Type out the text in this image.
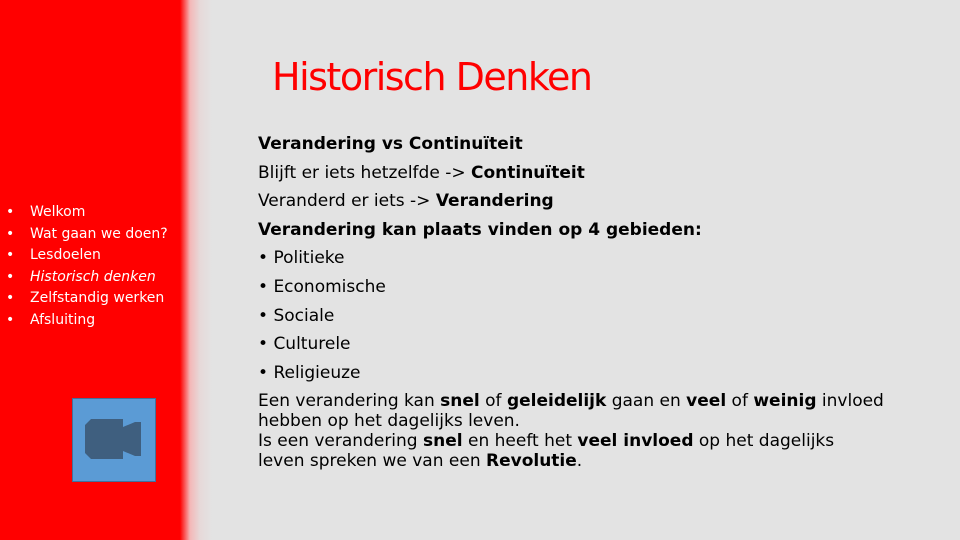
• Welkom
• Wat gaan we doen?
• Lesdoelen
• Historisch denken
• Zelfstandig werken
• Afsluiting
Historisch Denken
Verandering vs Continuïteit
Blijft er iets hetzelfde -> Continuïteit
Veranderd er iets -> Verandering
Verandering kan plaats vinden op 4 gebieden:
• Politieke
• Economische
• Sociale
• Culturele
• Religieuze
Een verandering kan snel of geleidelijk gaan en veel of weinig invloed
hebben op het dagelijks leven.
Is een verandering snel en heeft het veel invloed op het dagelijks
leven spreken we van een Revolutie.
